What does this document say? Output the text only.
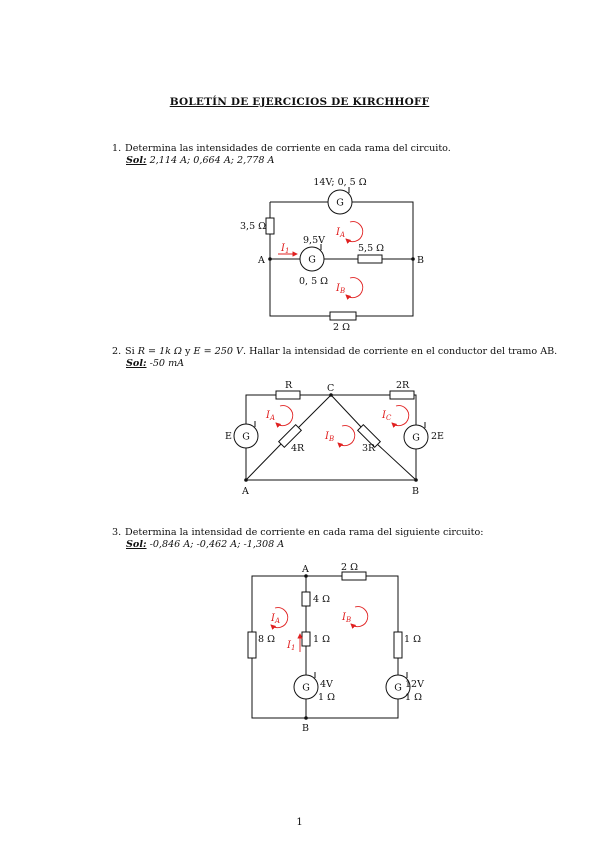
BOLETÍN DE EJERCICIOS DE KIRCHHOFF
1. Determina las intensidades de corriente en cada rama del circuito.
Sol: 2,114 A; 0,664 A; 2,778 A
2. Si R = 1k Ω y E = 250 V. Hallar la intensidad de corriente en el conductor del tramo AB.
Sol: -50 mA
3. Determina la intensidad de corriente en cada rama del siguiente circuito:
Sol: -0,846 A; -0,462 A; -1,308 A
G
G
14V; 0, 5 Ω
3,5 Ω
9,5V
5,5 Ω
0, 5 Ω
2 Ω
A	B
$I_A$
$I_B$
$I_1$
G	G
R	2R
4R	3R
E	2E
A	B
C
$I_A$
$I_B$
$I_C$
G	G
2 Ω
4 Ω
1 Ω
8 Ω	1 Ω
4V
1 Ω
12V
1 Ω
A
B
$I_A$	$I_B$
$I_1$
1
